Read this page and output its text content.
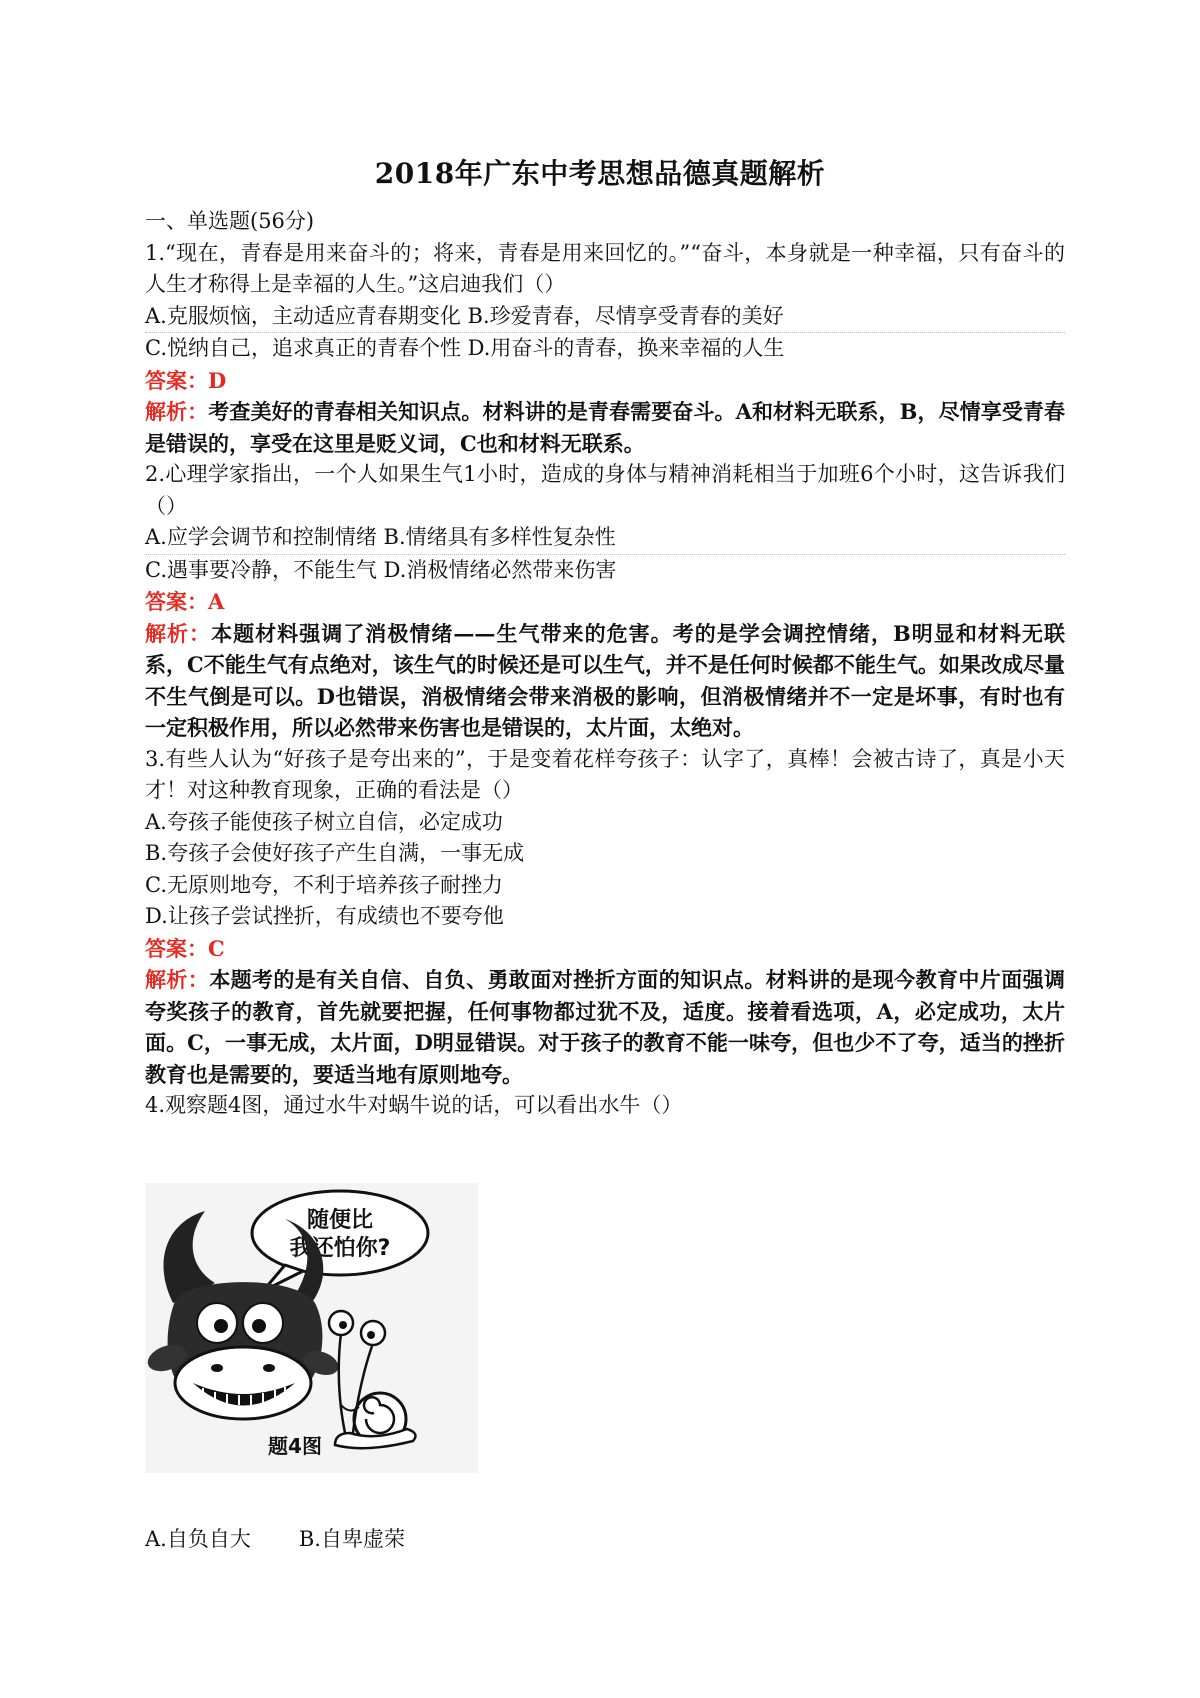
2018年广东中考思想品德真题解析
一、单选题(56分)
1.“现在，青春是用来奋斗的；将来，青春是用来回忆的。”“奋斗，本身就是一种幸福，只有奋斗的人生才称得上是幸福的人生。”这启迪我们（）
A.克服烦恼，主动适应青春期变化 B.珍爱青春，尽情享受青春的美好
C.悦纳自己，追求真正的青春个性 D.用奋斗的青春，换来幸福的人生
答案：D
解析：考查美好的青春相关知识点。材料讲的是青春需要奋斗。A和材料无联系，B，尽情享受青春是错误的，享受在这里是贬义词，C也和材料无联系。
2.心理学家指出，一个人如果生气1小时，造成的身体与精神消耗相当于加班6个小时，这告诉我们（）
A.应学会调节和控制情绪 B.情绪具有多样性复杂性
C.遇事要冷静，不能生气 D.消极情绪必然带来伤害
答案：A
解析：本题材料强调了消极情绪——生气带来的危害。考的是学会调控情绪，B明显和材料无联系，C不能生气有点绝对，该生气的时候还是可以生气，并不是任何时候都不能生气。如果改成尽量不生气倒是可以。D也错误，消极情绪会带来消极的影响，但消极情绪并不一定是坏事，有时也有一定积极作用，所以必然带来伤害也是错误的，太片面，太绝对。
3.有些人认为“好孩子是夸出来的”，于是变着花样夸孩子：认字了，真棒！会被古诗了，真是小天才！对这种教育现象，正确的看法是（）
A.夸孩子能使孩子树立自信，必定成功
B.夸孩子会使好孩子产生自满，一事无成
C.无原则地夸，不利于培养孩子耐挫力
D.让孩子尝试挫折，有成绩也不要夸他
答案：C
解析：本题考的是有关自信、自负、勇敢面对挫折方面的知识点。材料讲的是现今教育中片面强调夸奖孩子的教育，首先就要把握，任何事物都过犹不及，适度。接着看选项，A，必定成功，太片面。C，一事无成，太片面，D明显错误。对于孩子的教育不能一味夸，但也少不了夸，适当的挫折教育也是需要的，要适当地有原则地夸。
4.观察题4图，通过水牛对蜗牛说的话，可以看出水牛（）
随便比
我还怕你?
题4图
A.自负自大 B.自卑虚荣
